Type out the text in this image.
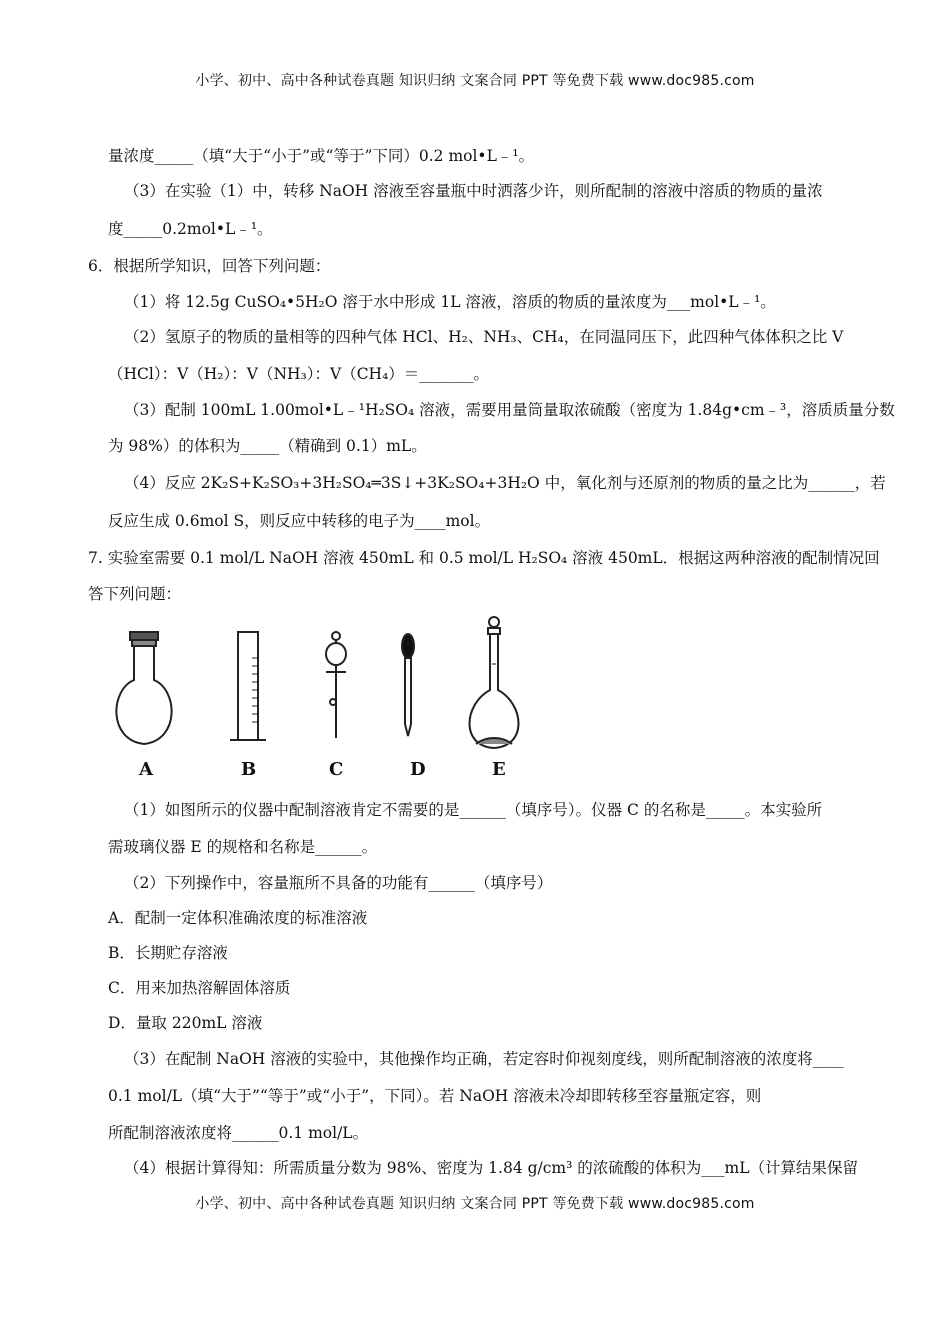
小学、初中、高中各种试卷真题 知识归纳 文案合同 PPT 等免费下载 www.doc985.com
量浓度_____（填“大于“小于”或“等于”下同）0.2 mol•L﹣¹。
（3）在实验（1）中，转移 NaOH 溶液至容量瓶中时洒落少许，则所配制的溶液中溶质的物质的量浓
度_____0.2mol•L﹣¹。
6．根据所学知识，回答下列问题：
（1）将 12.5g CuSO₄•5H₂O 溶于水中形成 1L 溶液，溶质的物质的量浓度为___mol•L﹣¹。
（2）氢原子的物质的量相等的四种气体 HCl、H₂、NH₃、CH₄，在同温同压下，此四种气体体积之比 V
（HCl）：V（H₂）：V（NH₃）：V（CH₄）＝_______。
（3）配制 100mL 1.00mol•L﹣¹H₂SO₄ 溶液，需要用量筒量取浓硫酸（密度为 1.84g•cm﹣³，溶质质量分数
为 98%）的体积为_____（精确到 0.1）mL。
（4）反应 2K₂S+K₂SO₃+3H₂SO₄═3S↓+3K₂SO₄+3H₂O 中，氧化剂与还原剂的物质的量之比为______，若
反应生成 0.6mol S，则反应中转移的电子为____mol。
7. 实验室需要 0.1 mol/L NaOH 溶液 450mL 和 0.5 mol/L H₂SO₄ 溶液 450mL．根据这两种溶液的配制情况回
答下列问题：
A	B	C	D	E
（1）如图所示的仪器中配制溶液肯定不需要的是______（填序号）。仪器 C 的名称是_____。本实验所
需玻璃仪器 E 的规格和名称是______。
（2）下列操作中，容量瓶所不具备的功能有______（填序号）
A．配制一定体积准确浓度的标准溶液
B．长期贮存溶液
C．用来加热溶解固体溶质
D．量取 220mL 溶液
（3）在配制 NaOH 溶液的实验中，其他操作均正确，若定容时仰视刻度线，则所配制溶液的浓度将____
0.1 mol/L（填“大于”“等于”或“小于”，下同）。若 NaOH 溶液未冷却即转移至容量瓶定容，则
所配制溶液浓度将______0.1 mol/L。
（4）根据计算得知：所需质量分数为 98%、密度为 1.84 g/cm³ 的浓硫酸的体积为___mL（计算结果保留
小学、初中、高中各种试卷真题 知识归纳 文案合同 PPT 等免费下载 www.doc985.com
